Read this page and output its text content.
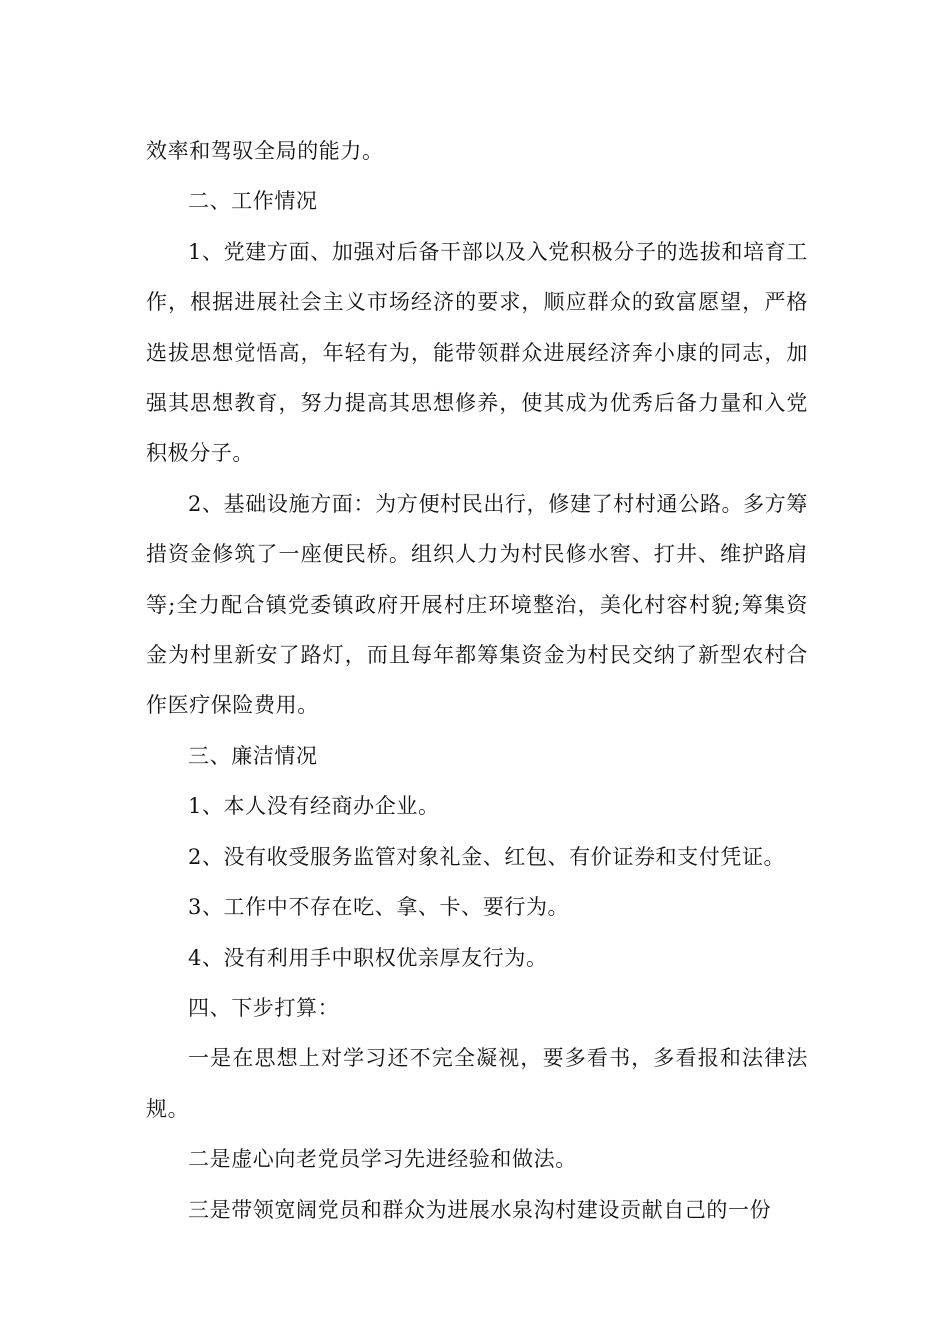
效率和驾驭全局的能力。

二、工作情况

1、党建方面、加强对后备干部以及入党积极分子的选拔和培育工作，根据进展社会主义市场经济的要求，顺应群众的致富愿望，严格选拔思想觉悟高，年轻有为，能带领群众进展经济奔小康的同志，加强其思想教育，努力提高其思想修养，使其成为优秀后备力量和入党积极分子。

2、基础设施方面：为方便村民出行，修建了村村通公路。多方筹措资金修筑了一座便民桥。组织人力为村民修水窖、打井、维护路肩等;全力配合镇党委镇政府开展村庄环境整治，美化村容村貌;筹集资金为村里新安了路灯，而且每年都筹集资金为村民交纳了新型农村合作医疗保险费用。

三、廉洁情况

1、本人没有经商办企业。

2、没有收受服务监管对象礼金、红包、有价证券和支付凭证。

3、工作中不存在吃、拿、卡、要行为。

4、没有利用手中职权优亲厚友行为。

四、下步打算：

一是在思想上对学习还不完全凝视，要多看书，多看报和法律法规。

二是虚心向老党员学习先进经验和做法。

三是带领宽阔党员和群众为进展水泉沟村建设贡献自己的一份
